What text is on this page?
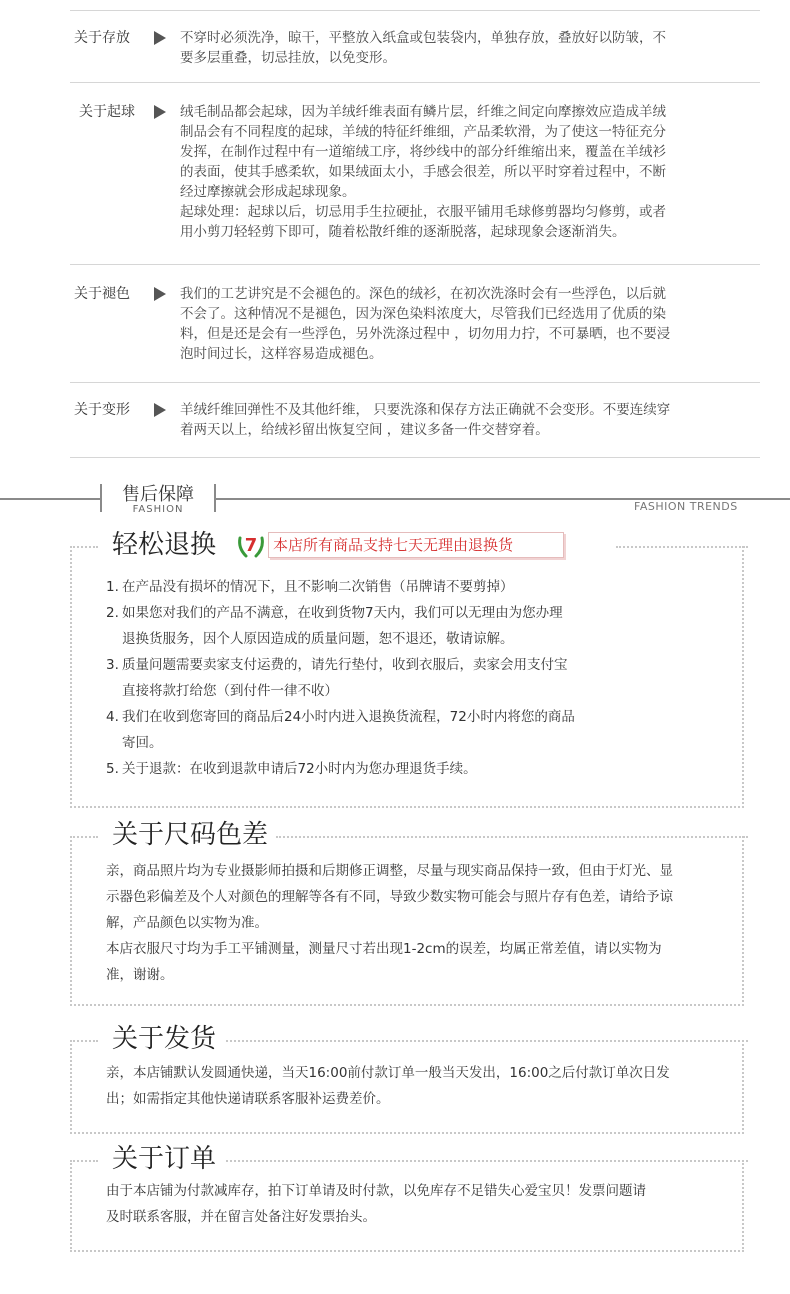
关于存放	不穿时必须洗净，晾干，平整放入纸盒或包装袋内，单独存放，叠放好以防皱，不

要多层重叠，切忌挂放，以免变形。

关于起球	绒毛制品都会起球，因为羊绒纤维表面有鳞片层，纤维之间定向摩擦效应造成羊绒

制品会有不同程度的起球，羊绒的特征纤维细，产品柔软滑，为了使这一特征充分

发挥，在制作过程中有一道缩绒工序，将纱线中的部分纤维缩出来，覆盖在羊绒衫

的表面，使其手感柔软，如果绒面太小，手感会很差，所以平时穿着过程中，不断

经过摩擦就会形成起球现象。

起球处理：起球以后，切忌用手生拉硬扯，衣服平铺用毛球修剪器均匀修剪，或者

用小剪刀轻轻剪下即可，随着松散纤维的逐渐脱落，起球现象会逐渐消失。

关于褪色	我们的工艺讲究是不会褪色的。深色的绒衫，在初次洗涤时会有一些浮色，以后就

不会了。这种情况不是褪色，因为深色染料浓度大，尽管我们已经选用了优质的染

料，但是还是会有一些浮色，另外洗涤过程中 ，切勿用力拧，不可暴晒，也不要浸

泡时间过长，这样容易造成褪色。

关于变形	羊绒纤维回弹性不及其他纤维， 只要洗涤和保存方法正确就不会变形。不要连续穿

着两天以上，给绒衫留出恢复空间 ，建议多备一件交替穿着。

售后保障
FASHION	FASHION TRENDS
轻松退换
1. 在产品没有损坏的情况下，且不影响二次销售（吊牌请不要剪掉）
2. 如果您对我们的产品不满意，在收到货物7天内，我们可以无理由为您办理
退换货服务，因个人原因造成的质量问题，恕不退还，敬请谅解。
3. 质量问题需要卖家支付运费的，请先行垫付，收到衣服后，卖家会用支付宝
直接将款打给您（到付件一律不收）
4. 我们在收到您寄回的商品后24小时内进入退换货流程，72小时内将您的商品
寄回。
5. 关于退款：在收到退款申请后72小时内为您办理退货手续。
7	本店所有商品支持七天无理由退换货
关于尺码色差
亲，商品照片均为专业摄影师拍摄和后期修正调整，尽量与现实商品保持一致，但由于灯光、显
示器色彩偏差及个人对颜色的理解等各有不同，导致少数实物可能会与照片存有色差，请给予谅
解，产品颜色以实物为准。
本店衣服尺寸均为手工平铺测量，测量尺寸若出现1-2cm的误差，均属正常差值，请以实物为
准，谢谢。
关于发货
亲，本店铺默认发圆通快递，当天16:00前付款订单一般当天发出，16:00之后付款订单次日发
出；如需指定其他快递请联系客服补运费差价。
关于订单
由于本店铺为付款减库存，拍下订单请及时付款，以免库存不足错失心爱宝贝！发票问题请
及时联系客服，并在留言处备注好发票抬头。
